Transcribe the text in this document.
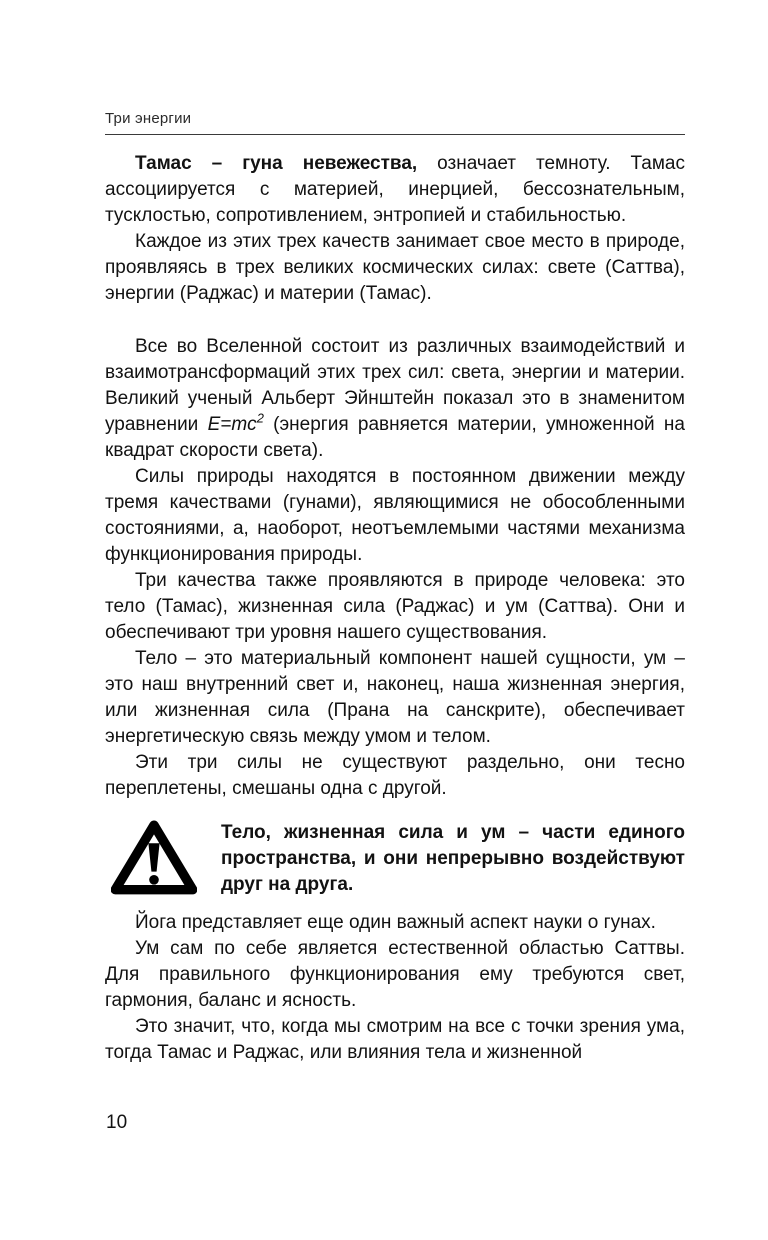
Три энергии

Тамас – гуна невежества, означает темноту. Тамас ассоциируется с материей, инерцией, бессознательным, тусклостью, сопротивлением, энтропией и стабильностью.

Каждое из этих трех качеств занимает свое место в природе, проявляясь в трех великих космических силах: свете (Саттва), энергии (Раджас) и материи (Тамас).

Все во Вселенной состоит из различных взаимодействий и взаимотрансформаций этих трех сил: света, энергии и материи. Великий ученый Альберт Эйнштейн показал это в знаменитом уравнении $E=mc^2$ (энергия равняется материи, умноженной на квадрат скорости света).

Силы природы находятся в постоянном движении между тремя качествами (гунами), являющимися не обособленными состояниями, а, наоборот, неотъемлемыми частями механизма функционирования природы.

Три качества также проявляются в природе человека: это тело (Тамас), жизненная сила (Раджас) и ум (Саттва). Они и обеспечивают три уровня нашего существования.

Тело – это материальный компонент нашей сущности, ум – это наш внутренний свет и, наконец, наша жизненная энергия, или жизненная сила (Прана на санскрите), обеспечивает энергетическую связь между умом и телом.

Эти три силы не существуют раздельно, они тесно переплетены, смешаны одна с другой.

Тело, жизненная сила и ум – части единого пространства, и они непрерывно воздействуют друг на друга.

Йога представляет еще один важный аспект науки о гунах.

Ум сам по себе является естественной областью Саттвы. Для правильного функционирования ему требуются свет, гармония, баланс и ясность.

Это значит, что, когда мы смотрим на все с точки зрения ума, тогда Тамас и Раджас, или влияния тела и жизненной

10
